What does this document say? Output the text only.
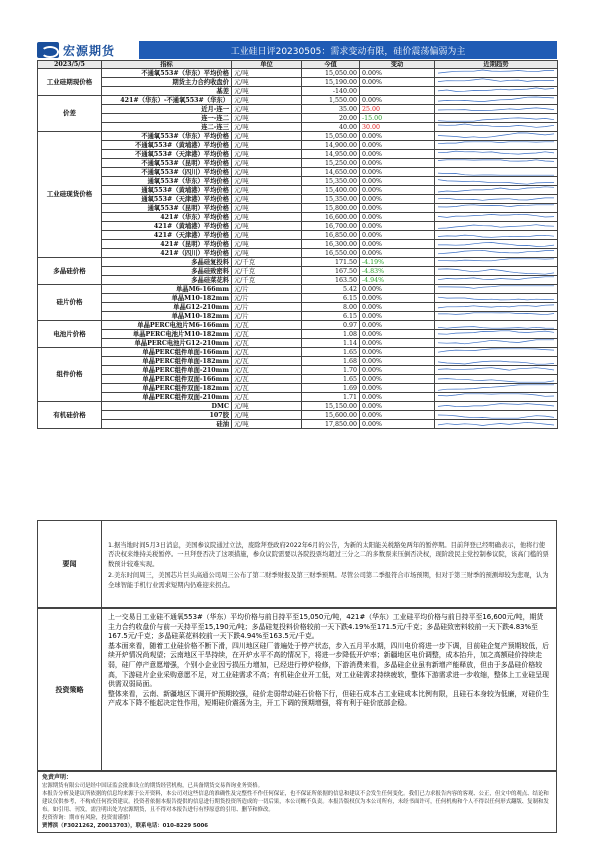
宏源期货	工业硅日评20230505：需求变动有限，硅价震荡偏弱为主
2023/5/5	指标	单位	今值	变动	近期趋势
工业硅期现价格	不通氧553#（华东）平均价格	元/吨	15,050.00	0.00%	

	期货主力合约收盘价	元/吨	15,190.00	0.00%	

	基差	元/吨	-140.00		

价差	421#（华东）-不通氧553#（华东）	元/吨	1,550.00	0.00%	

	近月-连一	元/吨	35.00	25.00	

	连一-连二	元/吨	20.00	-15.00	

	连二-连三	元/吨	40.00	30.00	

工业硅现货价格	不通氧553#（华东）平均价格	元/吨	15,050.00	0.00%	

	不通氧553#（黄埔港）平均价格	元/吨	14,900.00	0.00%	

	不通氧553#（天津港）平均价格	元/吨	14,950.00	0.00%	

	不通氧553#（昆明）平均价格	元/吨	15,250.00	0.00%	

	不通氧553#（四川）平均价格	元/吨	14,650.00	0.00%	

	通氧553#（华东）平均价格	元/吨	15,350.00	0.00%	

	通氧553#（黄埔港）平均价格	元/吨	15,400.00	0.00%	

	通氧553#（天津港）平均价格	元/吨	15,350.00	0.00%	

	通氧553#（昆明）平均价格	元/吨	15,800.00	0.00%	

	421#（华东）平均价格	元/吨	16,600.00	0.00%	

	421#（黄埔港）平均价格	元/吨	16,700.00	0.00%	

	421#（天津港）平均价格	元/吨	16,850.00	0.00%	

	421#（昆明）平均价格	元/吨	16,300.00	0.00%	

	421#（四川）平均价格	元/吨	16,550.00	0.00%	

多晶硅价格	多晶硅复投料	元/千克	171.50	-4.19%	

	多晶硅致密料	元/千克	167.50	-4.83%	

	多晶硅菜花料	元/千克	163.50	-4.94%	

硅片价格	单晶M6-166mm	元/片	5.42	0.00%	

	单晶M10-182mm	元/片	6.15	0.00%	

	单晶G12-210mm	元/片	8.00	0.00%	

	单晶M10-182mm	元/片	6.15	0.00%	

电池片价格	单晶PERC电池片M6-166mm	元/瓦	0.97	0.00%	

	单晶PERC电池片M10-182mm	元/瓦	1.08	0.00%	

	单晶PERC电池片G12-210mm	元/瓦	1.14	0.00%	

组件价格	单晶PERC组件单面-166mm	元/瓦	1.65	0.00%	

	单晶PERC组件单面-182mm	元/瓦	1.68	0.00%	

	单晶PERC组件单面-210mm	元/瓦	1.70	0.00%	

	单晶PERC组件双面-166mm	元/瓦	1.65	0.00%	

	单晶PERC组件双面-182mm	元/瓦	1.69	0.00%	

	单晶PERC组件双面-210mm	元/瓦	1.71	0.00%	

有机硅价格	DMC	元/吨	15,150.00	0.00%	

	107胶	元/吨	15,600.00	0.00%	

	硅油	元/吨	17,850.00	0.00%	
要闻

1.据当地时间5月3日消息，美国参议院通过立法，废除拜登政府2022年6月的公告，为新的太阳能关税豁免两年的暂停期。目前拜登已经明确表示，他将行使否决权来维持关税暂停。一旦拜登否决了这项措施，参众议院需要以各院投票均超过三分之二的多数票来压倒否决权，现阶段民主党控制参议院，该高门槛的票数预计较难实现。

2.美东时间周三，美国芯片巨头高通公司周三公布了第二财季财报及第三财季预期。尽管公司第二季报符合市场预期，但对于第三财季的预测却较为悲观，认为全球智能手机行业需求短期内仍难迎来拐点。

投资策略

上一交易日工业硅不通氧553#（华东）平均价格与前日持平至15,050元/吨，421#（华东）工业硅平均价格与前日持平至16,600元/吨，期货主力合约收盘价与前一天持平至15,190元/吨；多晶硅复投料价格较前一天下跌4.19%至171.5元/千克；多晶硅致密料较前一天下跌4.83%至167.5元/千克；多晶硅菜花料较前一天下跌4.94%至163.5元/千克。

基本面来看，随着工业硅价格不断下滑，四川地区硅厂普遍处于停产状态，步入五月平水期，四川电价将进一步下调，目前硅企复产预期较低，后续开炉情况尚观望；云南地区干旱持续，在开炉水平不高的情况下，将进一步降低开炉率；新疆地区电价调整，成本抬升，加之高额硅价持续走弱，硅厂停产意愿增强，个别小企业因亏损压力增加，已经进行停炉检修，下游消费来看，多晶硅企业虽有新增产能释放，但由于多晶硅价格较高，下游硅片企业采购意愿不足，对工业硅需求不高；有机硅企业开工低，对工业硅需求持续疲软，整体下游需求进一步收缩，整体上工业硅呈现供需双弱局面。

整体来看，云南、新疆地区下调开炉预期较强，硅价走弱带动硅石价格下行，但硅石成本占工业硅成本比例有限，且硅石本身较为低廉，对硅价生产成本下降不能起决定性作用，短期硅价震荡为主，开工下调的预期增强，将有利于硅价底部企稳。

免责声明：
宏源期货有限公司是经中国证监会批准设立的期货经营机构，已具备期货交易咨询业务资格。
本报告分析及建议所依据的信息均来源于公开资料，本公司对这些信息的准确性及完整性不作任何保证，也不保证所依据的信息和建议不会发生任何变化。我们已力求报告内容的客观、公正，但文中的观点、结论和建议仅供参考，不构成任何投资建议。投资者依据本报告提供的信息进行期货投资所造成的一切后果，本公司概不负责。本报告版权仅为本公司所有，未经书面许可，任何机构和个人不得以任何形式翻版、复制和发布。如引用、刊发，需注明出处为宏源期货，且不得对本报告进行有悖原意的引用、删节和修改。
投资咨询：期市有风险，投资需谨慎！
贾博滨（F3021262, Z0013703），联系电话：010-8229 5006
